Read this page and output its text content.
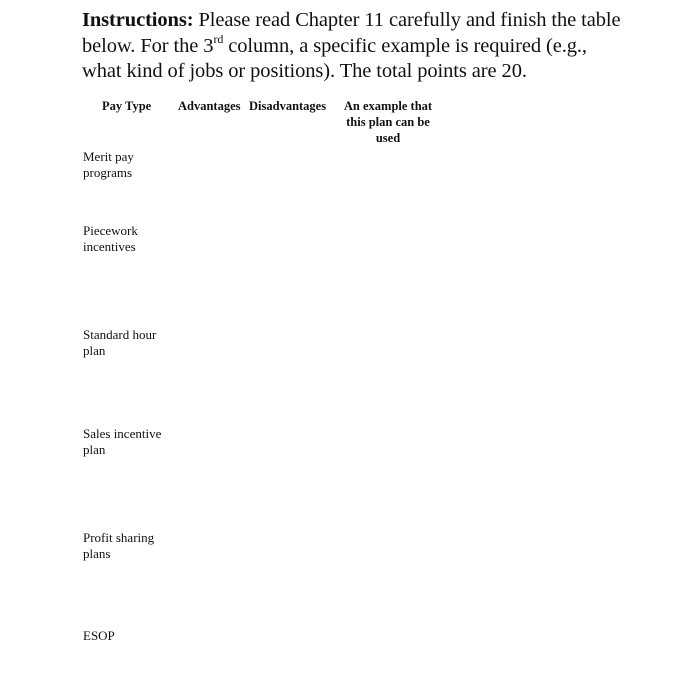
Instructions: Please read Chapter 11 carefully and finish the table below. For the 3rd column, a specific example is required (e.g., what kind of jobs or positions). The total points are 20.
Pay Type Advantages Disadvantages	An example that
this plan can be
used
Merit pay
programs
Piecework
incentives
Standard hour
plan
Sales incentive
plan
Profit sharing
plans
ESOP
